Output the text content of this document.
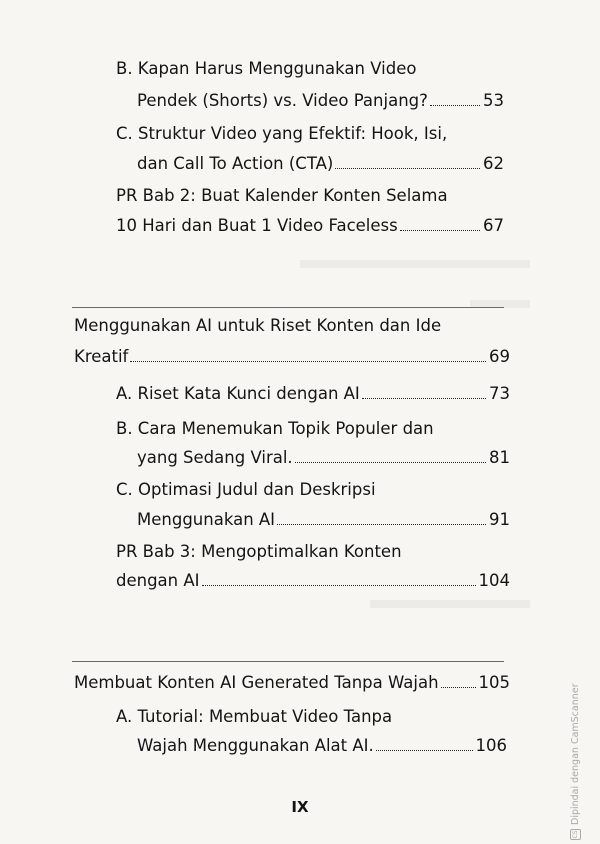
B. Kapan Harus Menggunakan Video
Pendek (Shorts) vs. Video Panjang?	53
C. Struktur Video yang Efektif: Hook, Isi,
dan Call To Action (CTA)	62
PR Bab 2: Buat Kalender Konten Selama
10 Hari dan Buat 1 Video Faceless	67
Menggunakan AI untuk Riset Konten dan Ide
Kreatif	69
A. Riset Kata Kunci dengan AI	73
B. Cara Menemukan Topik Populer dan
yang Sedang Viral.	81
C. Optimasi Judul dan Deskripsi
Menggunakan AI	91
PR Bab 3: Mengoptimalkan Konten
dengan AI	104
Membuat Konten AI Generated Tanpa Wajah 105
A. Tutorial: Membuat Video Tanpa
Wajah Menggunakan Alat AI.	106
IX
CS
Dipindai dengan CamScanner
